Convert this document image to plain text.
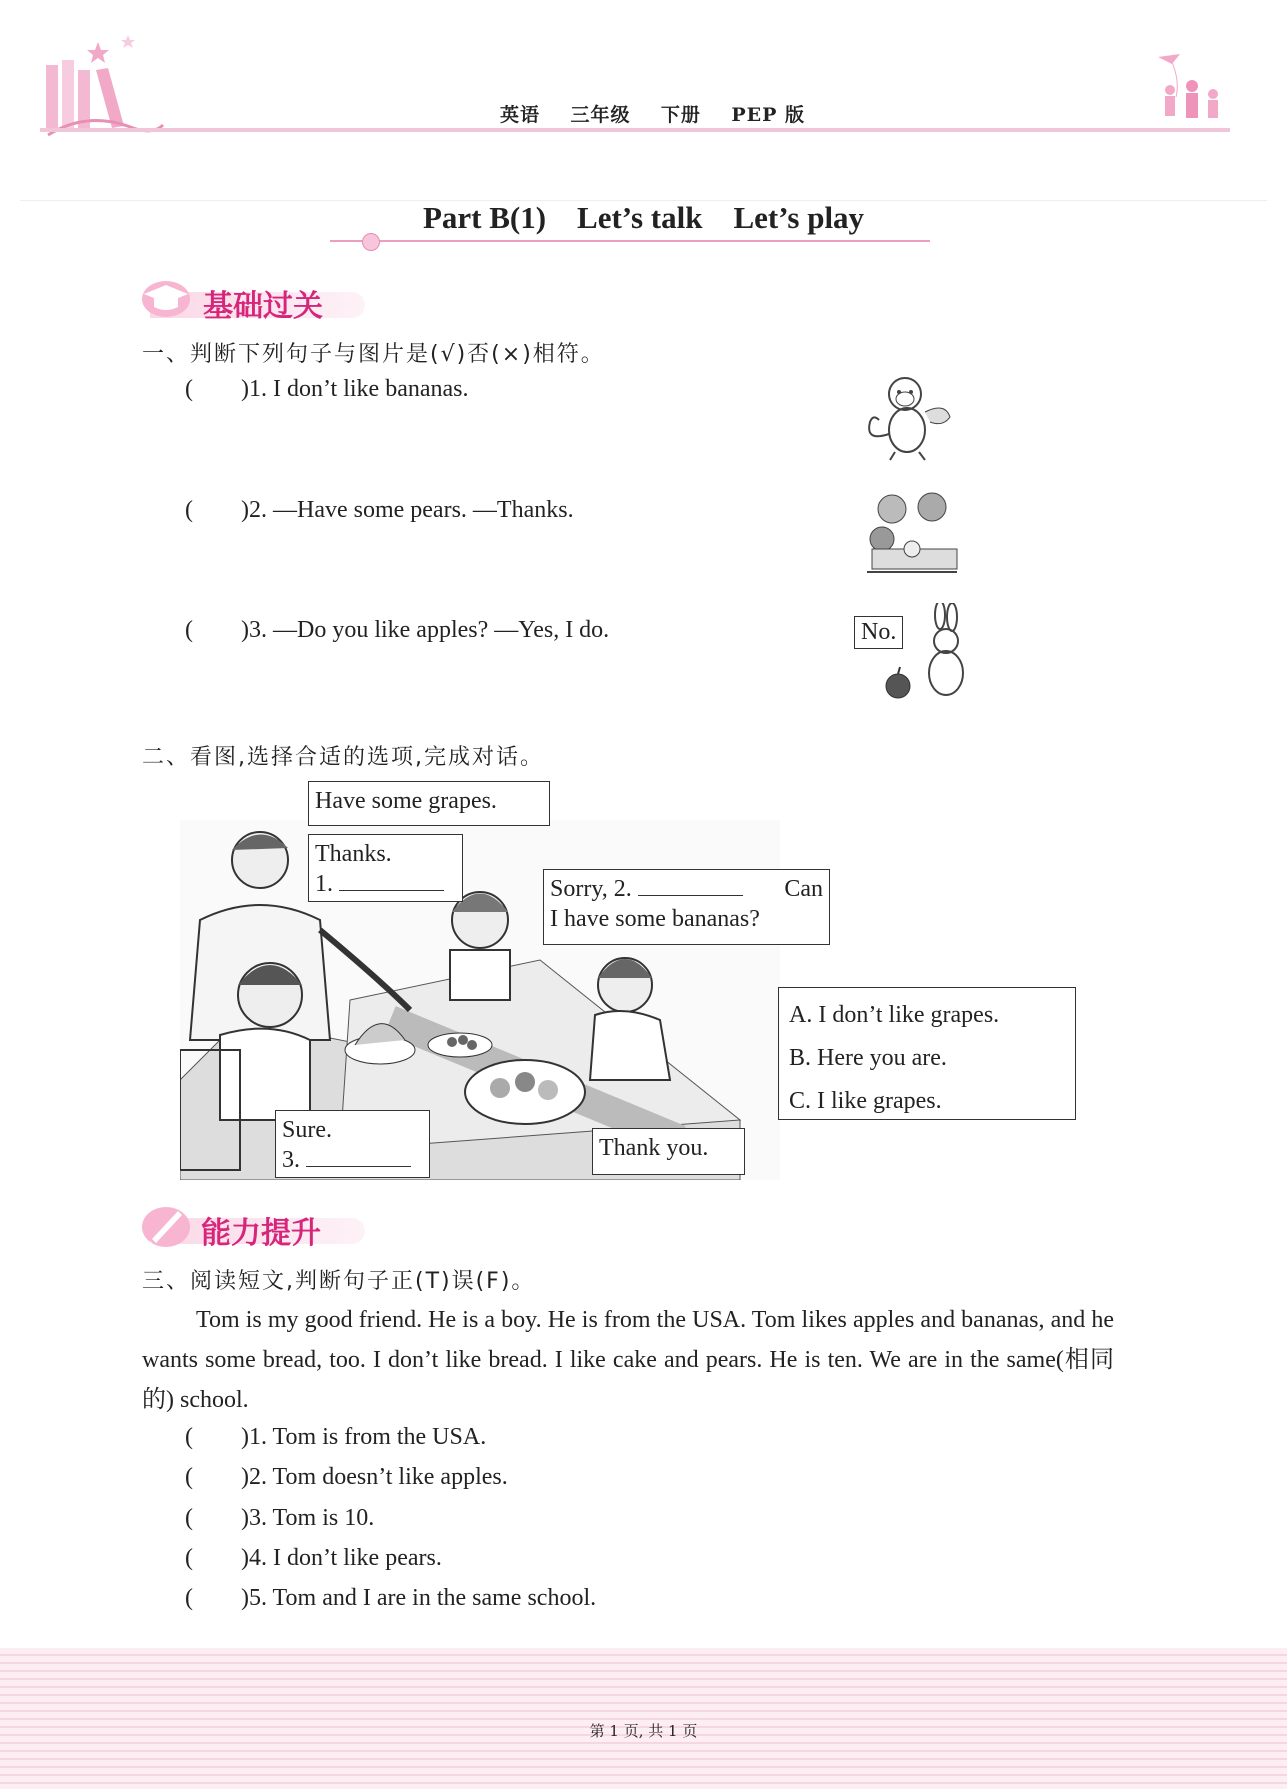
英语    三年级    下册    PEP 版
Part B(1)    Let’s talk    Let’s play
基础过关
一、判断下列句子与图片是(√)否(×)相符。
(        )1. I don’t like bananas.
(        )2. —Have some pears. —Thanks.
(        )3. —Do you like apples? —Yes, I do.	No.
二、看图,选择合适的选项,完成对话。
Have some grapes.
Thanks.
1.	Sorry, 2.	Can
I have some bananas?
Sure.
3.	Thank you.
A. I don’t like grapes.
B. Here you are.
C. I like grapes.
能力提升
三、阅读短文,判断句子正(T)误(F)。
Tom is my good friend. He is a boy. He is from the USA. Tom likes apples and bananas, and he wants some bread, too. I don’t like bread. I like cake and pears. He is ten. We are in the same(相同的) school.
(        )1. Tom is from the USA.
(        )2. Tom doesn’t like apples.
(        )3. Tom is 10.
(        )4. I don’t like pears.
(        )5. Tom and I are in the same school.
第 1 页, 共 1 页
